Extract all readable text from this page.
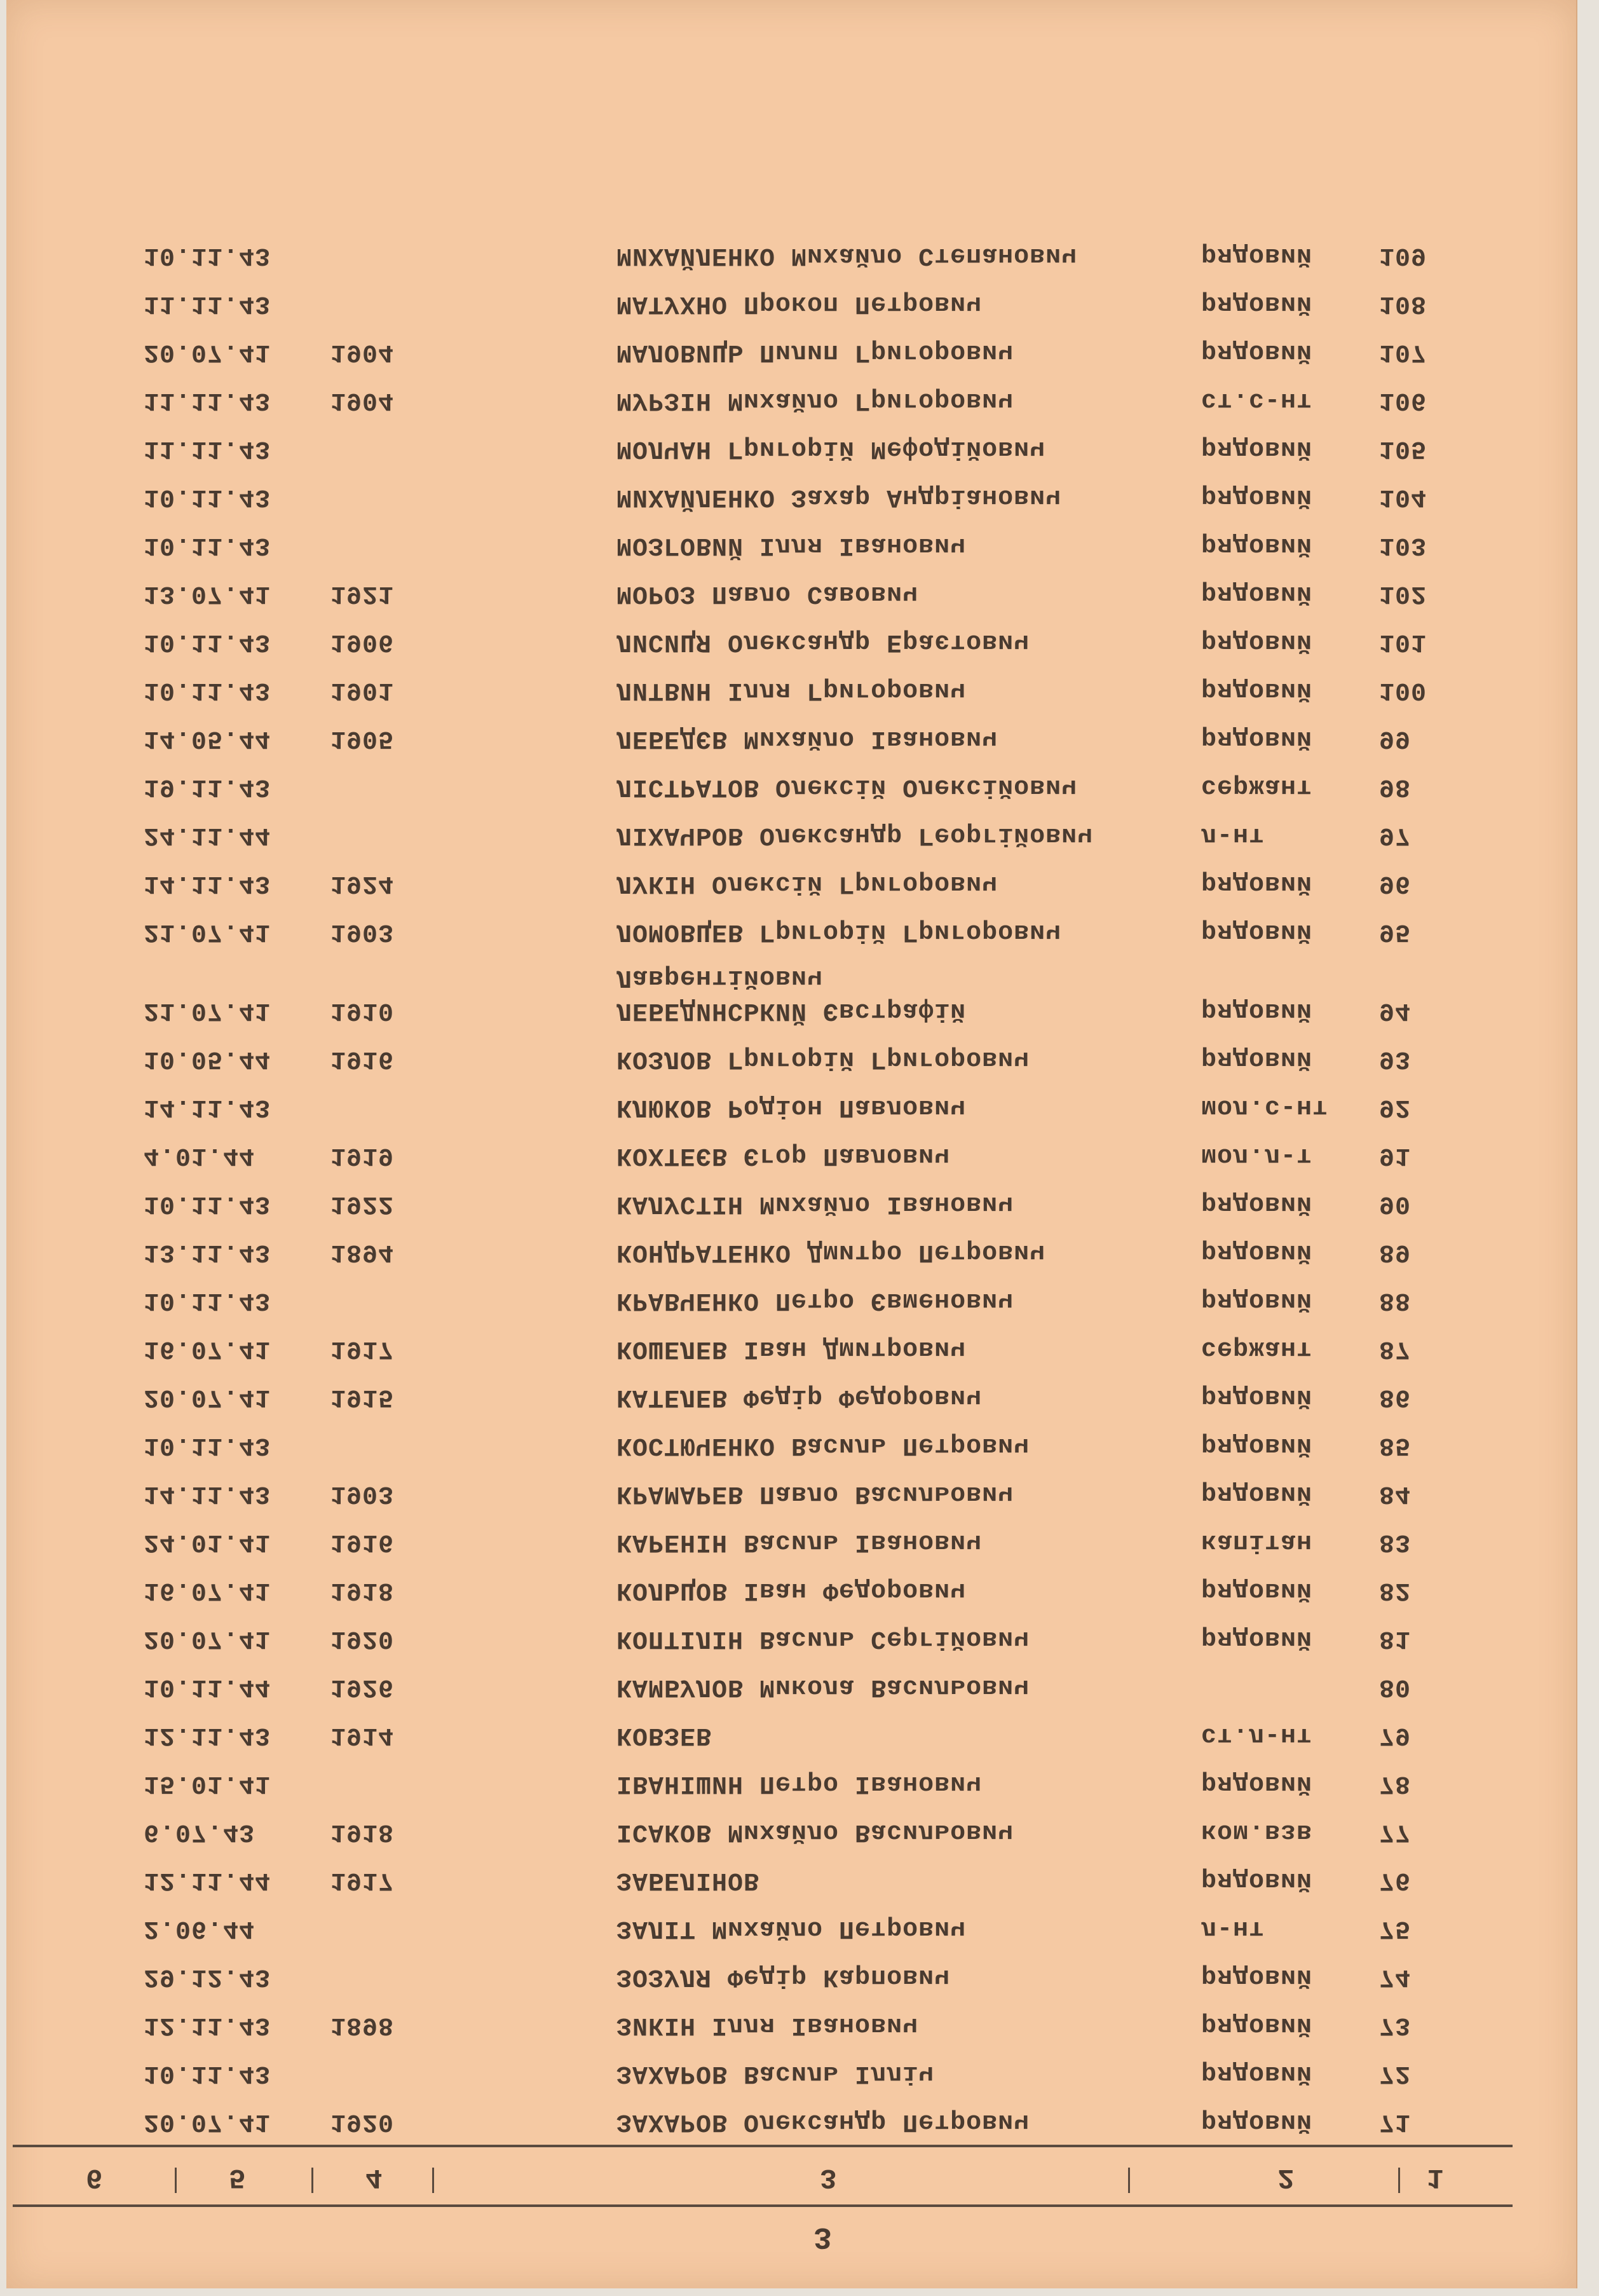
3
1
2
3
4
5
6
71
рядовий
ЗАХАРОВ Олександр Петрович
1920
20.07.41
72
рядовий
ЗАХАРОВ Василь Ілліч
10.11.43
73
рядовий
ЗИКІН Ілля Іванович
1898
12.11.43
74
рядовий
ЗОЗУЛЯ Федір Карпович
29.12.43
75
л-нт
ЗАЛІТ Михайло Петрович
2.06.44
76
рядовий
ЗАБЕЛІНОВ
1917
12.11.44
77
ком.взв
ІСАКОВ Михайло Васильович
1918
6.07.43
78
рядовий
ІВАНІШИН Петро Іванович
15.01.41
79
ст.л-нт
КОВЗЕВ
1914
12.11.43
80
КАМБУЛОВ Микола Васильович
1926
10.11.44
81
рядовий
КОПТІЛІН Василь Сергійович
1920
20.07.41
82
рядовий
КОЛЬЦОВ Іван Федорович
1918
16.07.41
83
капітан
КАРЕНІН Василь Іванович
1916
24.01.41
84
рядовий
КРАМАРЕВ Павло Васильович
1903
14.11.43
85
рядовий
КОСТЮЧЕНКО Василь Петрович
10.11.43
86
рядовий
КАТЕЛЕВ Федір Федорович
1915
20.07.41
87
сержант
КОШЕЛЕВ Іван Дмитрович
1917
16.07.41
88
рядовий
КРАВЧЕНКО Петро Євменович
10.11.43
89
рядовий
КОНДРАТЕНКО Дмитро Петрович
1894
13.11.43
90
рядовий
КАЛУСТІН Михайло Іванович
1922
10.11.43
91
мол.л-т
КОХТЕЄВ Єгор Павлович
1919
4.01.44
92
мол.с-нт
КЛЮКОВ Родіон Павлович
14.11.43
93
рядовий
КОЗЛОВ Григорій Григорович
1916
10.05.44
94
рядовий
ЛЕБЕДИНСЬКИЙ Євстрафій
1910
21.07.41
Лаврентійович
95
рядовий
ЛОМОВЦЕВ Григорій Григорович
1903
21.07.41
96
рядовий
ЛУКІН Олексій Григорович
1924
14.11.43
97
л-нт
ЛІХАЧЬОВ Олександр Георгійович
24.11.44
98
сержант
ЛІСТРАТОВ Олексій Олексійович
19.11.43
99
рядовий
ЛЕБЕДЄВ Михайло Іванович
1905
14.05.44
100
рядовий
ЛИТВИН Ілля Григорович
1901
10.11.43
101
рядовий
ЛИСИЦЯ Олександр Ераєтович
1906
10.11.43
102
рядовий
МОРОЗ Павло Савович
1921
13.07.41
103
рядовий
МОЗГОВИЙ Ілля Іванович
10.11.43
104
рядовий
МИХАЙЛЕНКО Захар Андріанович
10.11.43
105
рядовий
МОЛЧАН Григорій Мефодійович
11.11.43
106
ст.с-нт
МУРЗІН Михайло Григорович
1904
11.11.43
107
рядовий
МАЛОВИЦЬ Пилип Григорович
1904
20.07.41
108
рядовий
МАТУХНО Прокоп Петрович
11.11.43
109
рядовий
МИХАЙЛЕНКО Михайло Степанович
10.11.43
